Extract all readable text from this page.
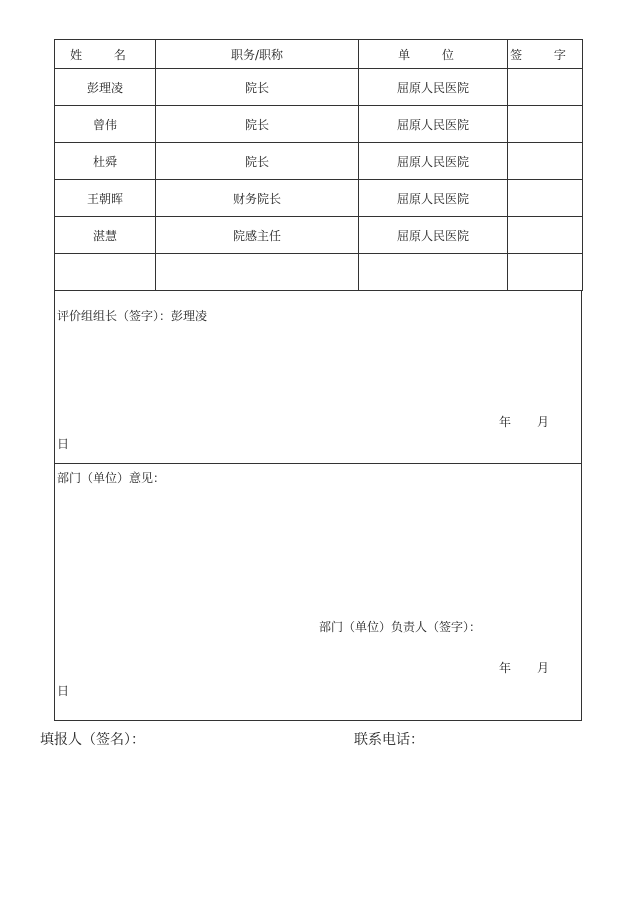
姓 名	职务/职称	单 位	签 字
彭理凌	院长	屈原人民医院	
曾伟	院长	屈原人民医院	
杜舜	院长	屈原人民医院	
王朝晖	财务院长	屈原人民医院	
湛慧	院感主任	屈原人民医院	

评价组组长（签字）：彭理凌
年 月
日
部门（单位）意见：
部门（单位）负责人（签字）：
年 月
日
填报人（签名）：	联系电话：
